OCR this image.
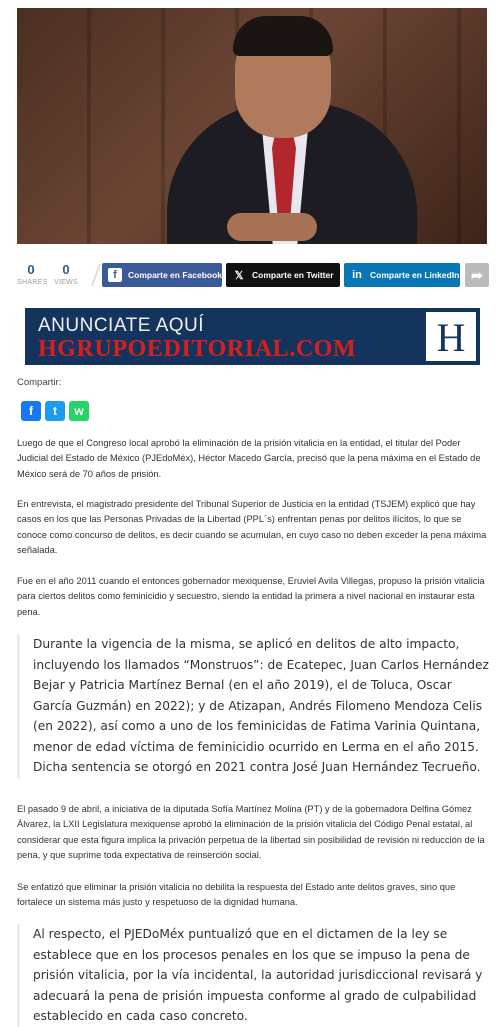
0
SHARES
0
VIEWS
f	Comparte en Facebook 𝕏	Comparte en Twitter in Comparte en LinkedIn ➦
ANUNCIATE AQUÍ
HGRUPOEDITORIAL.COM H
Compartir:
f	t	w

Luego de que el Congreso local aprobó la eliminación de la prisión vitalicia en la entidad, el titular del Poder Judicial del Estado de México (PJEdoMéx), Héctor Macedo García, precisó que la pena máxima en el Estado de México será de 70 años de prisión.

En entrevista, el magistrado presidente del Tribunal Superior de Justicia en la entidad (TSJEM) explicó que hay casos en los que las Personas Privadas de la Libertad (PPL´s) enfrentan penas por delitos ilícitos, lo que se conoce como concurso de delitos, es decir cuando se acumulan, en cuyo caso no deben exceder la pena máxima señalada.

Fue en el año 2011 cuando el entonces gobernador mexiquense, Eruviel Avila Villegas, propuso la prisión vitalicia para ciertos delitos como feminicidio y secuestro, siendo la entidad la primera a nivel nacional en instaurar esta pena.

Durante la vigencia de la misma, se aplicó en delitos de alto impacto, incluyendo los llamados “Monstruos”: de Ecatepec, Juan Carlos Hernández Bejar y Patricia Martínez Bernal (en el año 2019), el de Toluca, Oscar García Guzmán) en 2022); y de Atizapan, Andrés Filomeno Mendoza Celis (en 2022), así como a uno de los feminicidas de Fatima Varinia Quintana, menor de edad víctima de feminicidio ocurrido en Lerma en el año 2015. Dicha sentencia se otorgó en 2021 contra José Juan Hernández Tecrueño.

El pasado 9 de abril, a iniciativa de la diputada Sofía Martínez Molina (PT) y de la gobernadora Delfina Gómez Álvarez, la LXII Legislatura mexiquense aprobó la eliminación de la prisión vitalicia del Código Penal estatal, al considerar que esta figura implica la privación perpetua de la libertad sin posibilidad de revisión ni reducción de la pena, y que suprime toda expectativa de reinserción social.

Se enfatizó que eliminar la prisión vitalicia no debilita la respuesta del Estado ante delitos graves, sino que fortalece un sistema más justo y respetuoso de la dignidad humana.

Al respecto, el PJEDoMéx puntualizó que en el dictamen de la ley se establece que en los procesos penales en los que se impuso la pena de prisión vitalicia, por la vía incidental, la autoridad jurisdiccional revisará y adecuará la pena de prisión impuesta conforme al grado de culpabilidad establecido en cada caso concreto.
